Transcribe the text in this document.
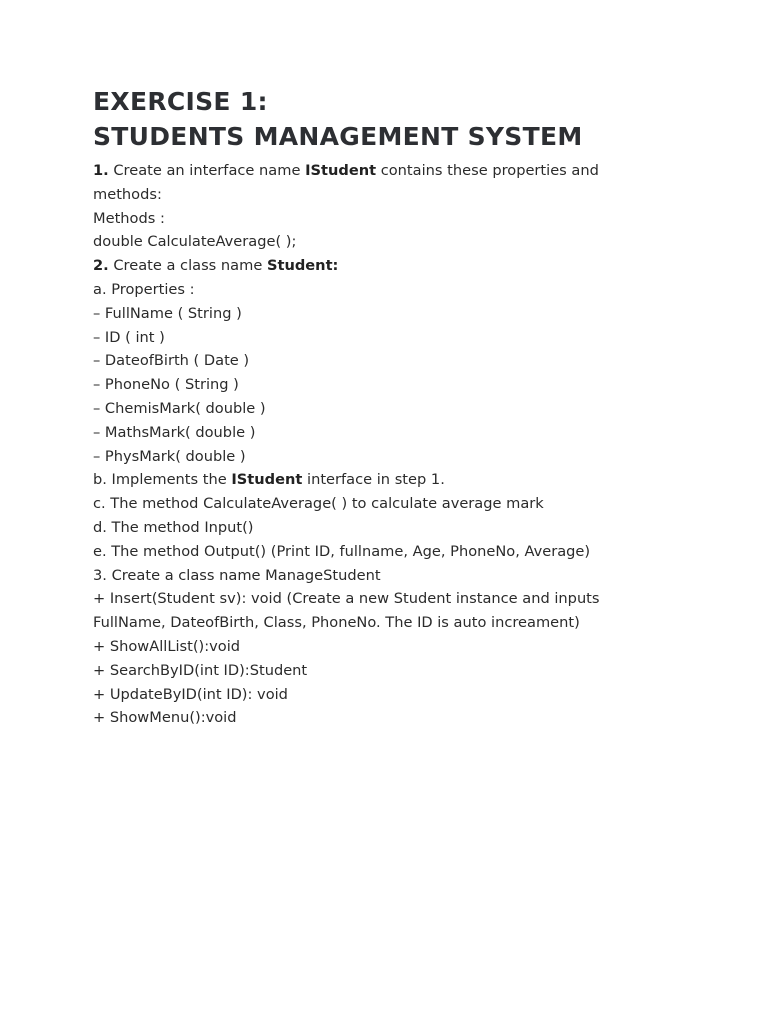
EXERCISE 1:
STUDENTS MANAGEMENT SYSTEM
1. Create an interface name IStudent contains these properties and
methods:
Methods :
double CalculateAverage( );
2. Create a class name Student:
a. Properties :
– FullName ( String )
– ID ( int )
– DateofBirth ( Date )
– PhoneNo ( String )
– ChemisMark( double )
– MathsMark( double )
– PhysMark( double )
b. Implements the IStudent interface in step 1.
c. The method CalculateAverage( ) to calculate average mark
d. The method Input()
e. The method Output() (Print ID, fullname, Age, PhoneNo, Average)
3. Create a class name ManageStudent
+ Insert(Student sv): void (Create a new Student instance and inputs
FullName, DateofBirth, Class, PhoneNo. The ID is auto increament)
+ ShowAllList():void
+ SearchByID(int ID):Student
+ UpdateByID(int ID): void
+ ShowMenu():void
